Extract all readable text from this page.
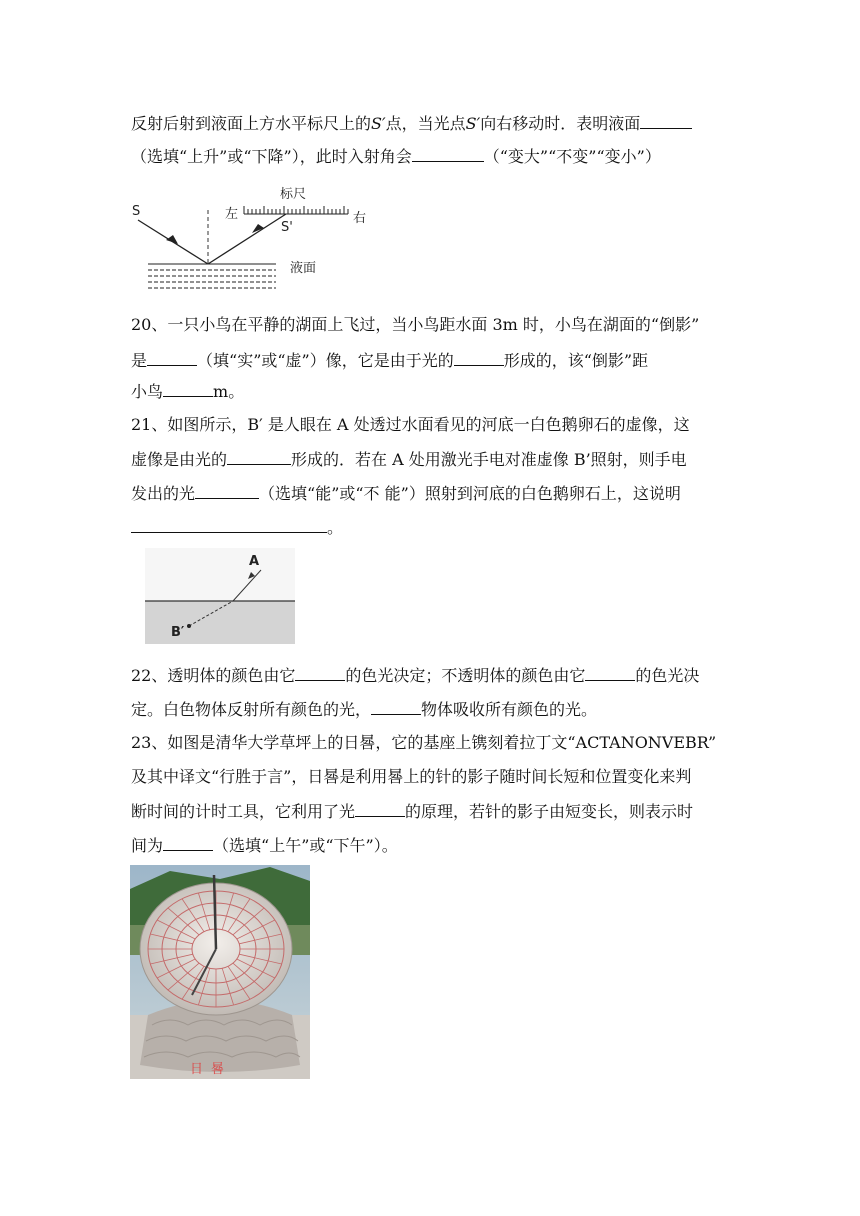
反射后射到液面上方水平标尺上的S′点，当光点S′向右移动时．表明液面
（选填“上升”或“下降”），此时入射角会	（“变大”“不变”“变小”）
S
标尺
左	右
S'
液面
20、一只小鸟在平静的湖面上飞过，当小鸟距水面 3m 时，小鸟在湖面的“倒影”
是	（填“实”或“虚”）像，它是由于光的	形成的，该“倒影”距
小鸟	m。
21、如图所示，B′ 是人眼在 A 处透过水面看见的河底一白色鹅卵石的虚像，这
虚像是由光的	形成的．若在 A 处用激光手电对准虚像 B’照射，则手电
发出的光	（选填“能”或“不 能”）照射到河底的白色鹅卵石上，这说明
。
A
B′
22、透明体的颜色由它	的色光决定；不透明体的颜色由它	的色光决
定。白色物体反射所有颜色的光，	物体吸收所有颜色的光。
23、如图是清华大学草坪上的日晷，它的基座上镌刻着拉丁文“ACTANONVEBR”
及其中译文“行胜于言”，日晷是利用晷上的针的影子随时间长短和位置变化来判
断时间的计时工具，它利用了光	的原理，若针的影子由短变长，则表示时
间为	（选填“上午”或“下午”）。
日晷
